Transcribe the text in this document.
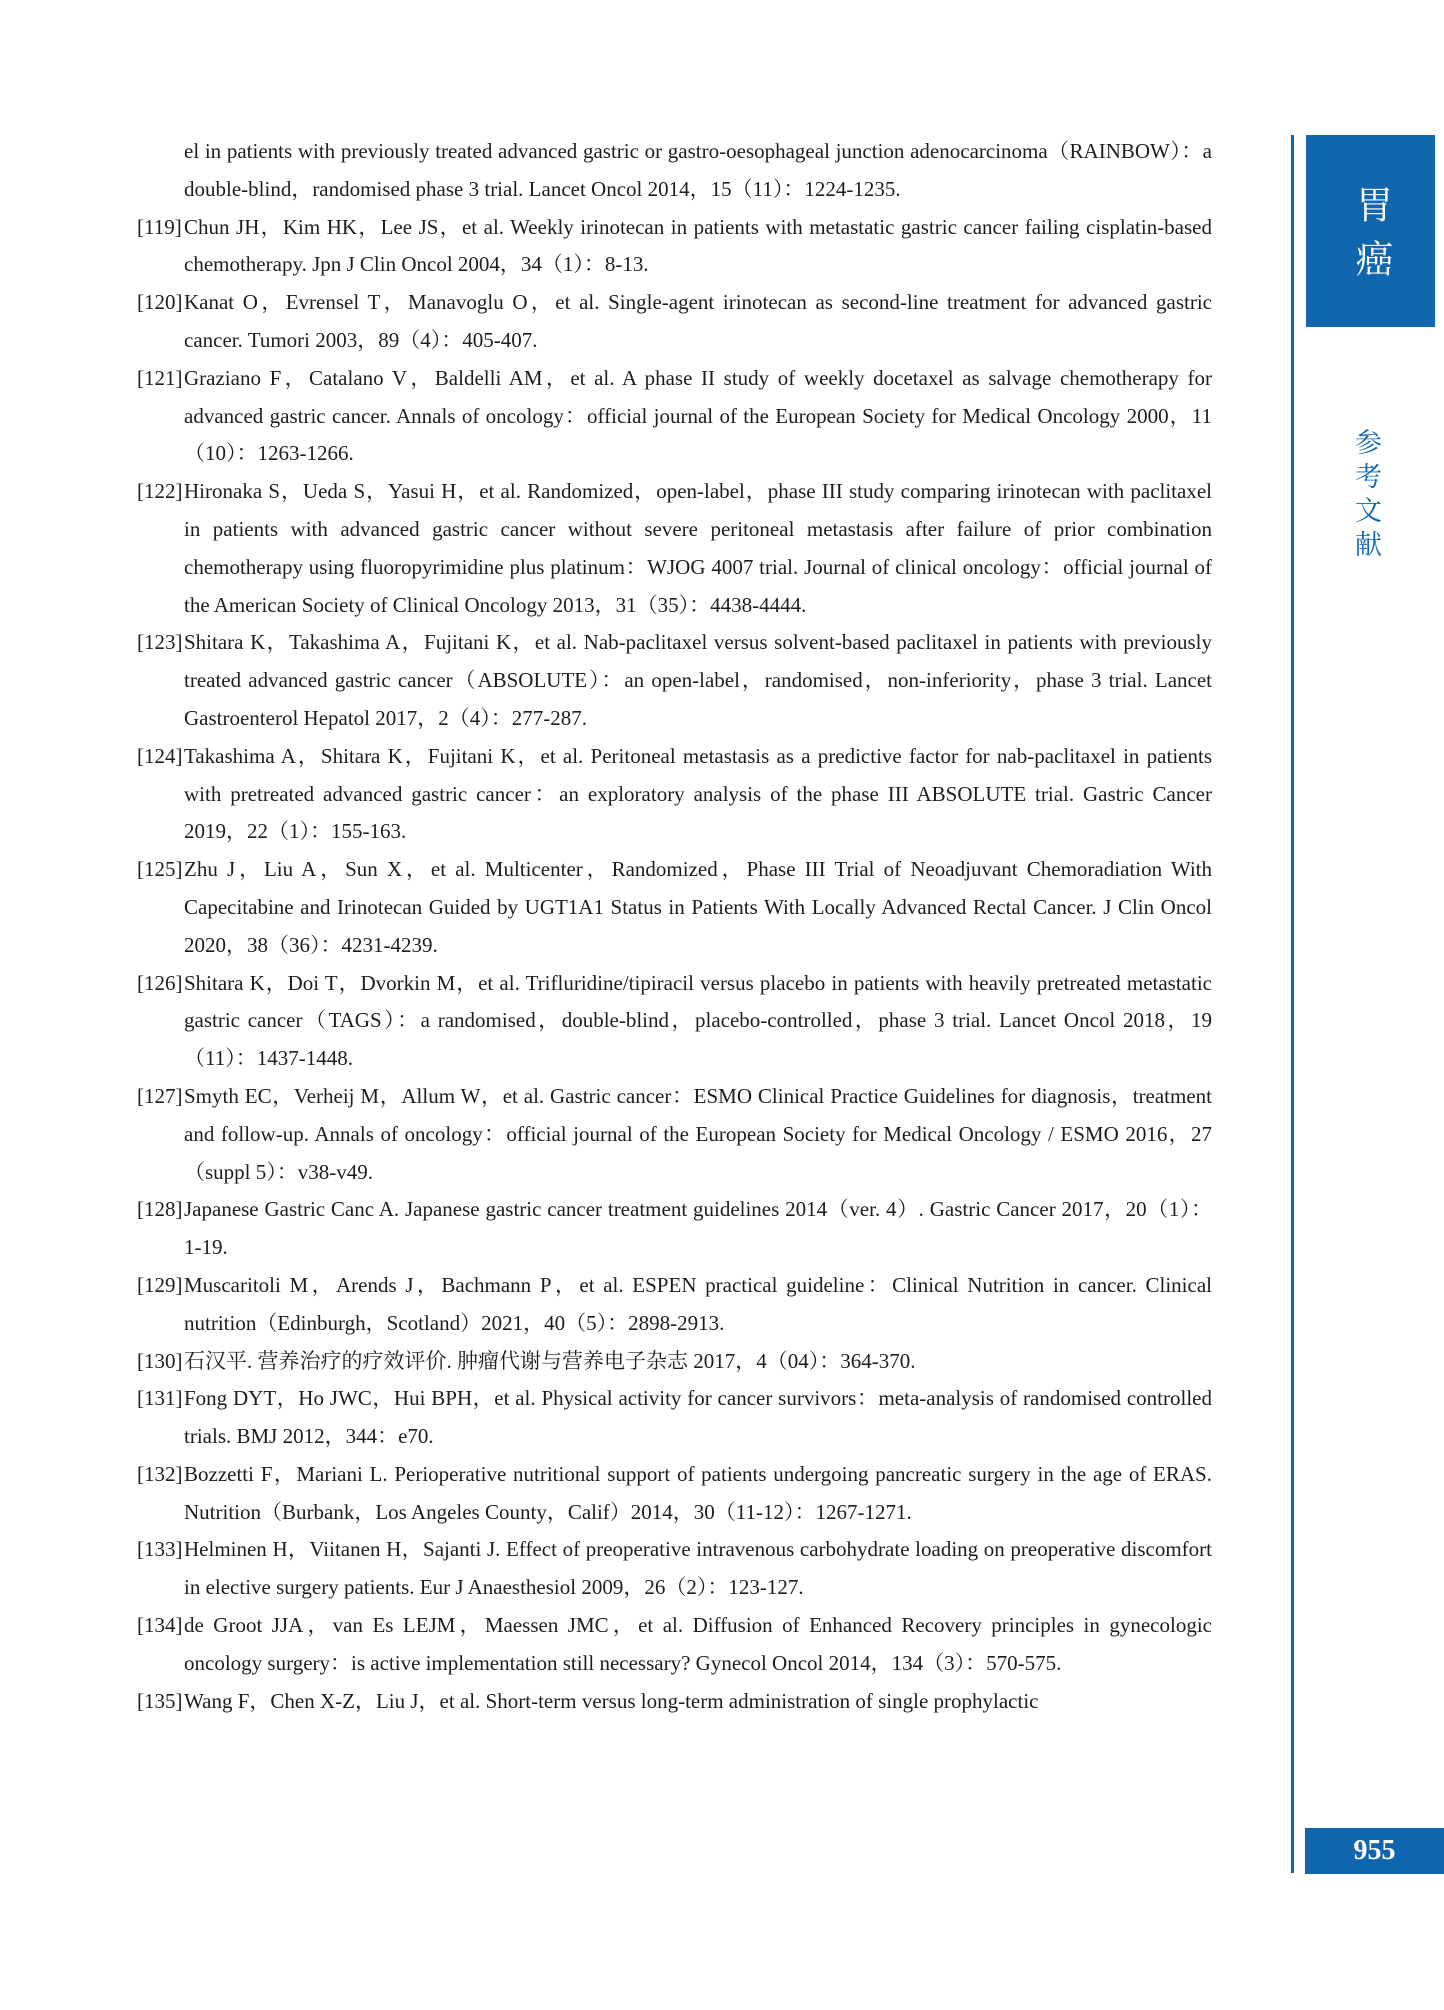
el in patients with previously treated advanced gastric or gastro-oesophageal junction adenocarcinoma（RAINBOW）：a double-blind，randomised phase 3 trial. Lancet Oncol 2014，15（11）：1224-1235.

[119] Chun JH，Kim HK，Lee JS，et al. Weekly irinotecan in patients with metastatic gastric cancer failing cisplatin-based chemotherapy. Jpn J Clin Oncol 2004，34（1）：8-13.

[120] Kanat O，Evrensel T，Manavoglu O，et al. Single-agent irinotecan as second-line treatment for advanced gastric cancer. Tumori 2003，89（4）：405-407.

[121] Graziano F，Catalano V，Baldelli AM，et al. A phase II study of weekly docetaxel as salvage chemotherapy for advanced gastric cancer. Annals of oncology：official journal of the European Society for Medical Oncology 2000，11（10）：1263-1266.

[122] Hironaka S，Ueda S，Yasui H，et al. Randomized，open-label，phase III study comparing irinotecan with paclitaxel in patients with advanced gastric cancer without severe peritoneal metastasis after failure of prior combination chemotherapy using fluoropyrimidine plus platinum：WJOG 4007 trial. Journal of clinical oncology：official journal of the American Society of Clinical Oncology 2013，31（35）：4438-4444.

[123] Shitara K，Takashima A，Fujitani K，et al. Nab-paclitaxel versus solvent-based paclitaxel in patients with previously treated advanced gastric cancer（ABSOLUTE）：an open-label，randomised，non-inferiority，phase 3 trial. Lancet Gastroenterol Hepatol 2017，2（4）：277-287.

[124] Takashima A，Shitara K，Fujitani K，et al. Peritoneal metastasis as a predictive factor for nab-paclitaxel in patients with pretreated advanced gastric cancer：an exploratory analysis of the phase III ABSOLUTE trial. Gastric Cancer 2019，22（1）：155-163.

[125] Zhu J，Liu A，Sun X，et al. Multicenter，Randomized，Phase III Trial of Neoadjuvant Chemoradiation With Capecitabine and Irinotecan Guided by UGT1A1 Status in Patients With Locally Advanced Rectal Cancer. J Clin Oncol 2020，38（36）：4231-4239.

[126] Shitara K，Doi T，Dvorkin M，et al. Trifluridine/tipiracil versus placebo in patients with heavily pretreated metastatic gastric cancer（TAGS）：a randomised，double-blind，placebo-controlled，phase 3 trial. Lancet Oncol 2018，19（11）：1437-1448.

[127] Smyth EC，Verheij M，Allum W，et al. Gastric cancer：ESMO Clinical Practice Guidelines for diagnosis，treatment and follow-up. Annals of oncology：official journal of the European Society for Medical Oncology / ESMO 2016，27（suppl 5）：v38-v49.

[128] Japanese Gastric Canc A. Japanese gastric cancer treatment guidelines 2014（ver. 4）. Gastric Cancer 2017，20（1）：1-19.

[129] Muscaritoli M，Arends J，Bachmann P，et al. ESPEN practical guideline：Clinical Nutrition in cancer. Clinical nutrition（Edinburgh，Scotland）2021，40（5）：2898-2913.

[130] 石汉平. 营养治疗的疗效评价. 肿瘤代谢与营养电子杂志 2017，4（04）：364-370.

[131] Fong DYT，Ho JWC，Hui BPH，et al. Physical activity for cancer survivors：meta-analysis of randomised controlled trials. BMJ 2012，344：e70.

[132] Bozzetti F，Mariani L. Perioperative nutritional support of patients undergoing pancreatic surgery in the age of ERAS. Nutrition（Burbank，Los Angeles County，Calif）2014，30（11-12）：1267-1271.

[133] Helminen H，Viitanen H，Sajanti J. Effect of preoperative intravenous carbohydrate loading on preoperative discomfort in elective surgery patients. Eur J Anaesthesiol 2009，26（2）：123-127.

[134] de Groot JJA，van Es LEJM，Maessen JMC，et al. Diffusion of Enhanced Recovery principles in gynecologic oncology surgery：is active implementation still necessary? Gynecol Oncol 2014，134（3）：570-575.

[135] Wang F，Chen X-Z，Liu J，et al. Short-term versus long-term administration of single prophylactic

胃癌
参考文献
955
